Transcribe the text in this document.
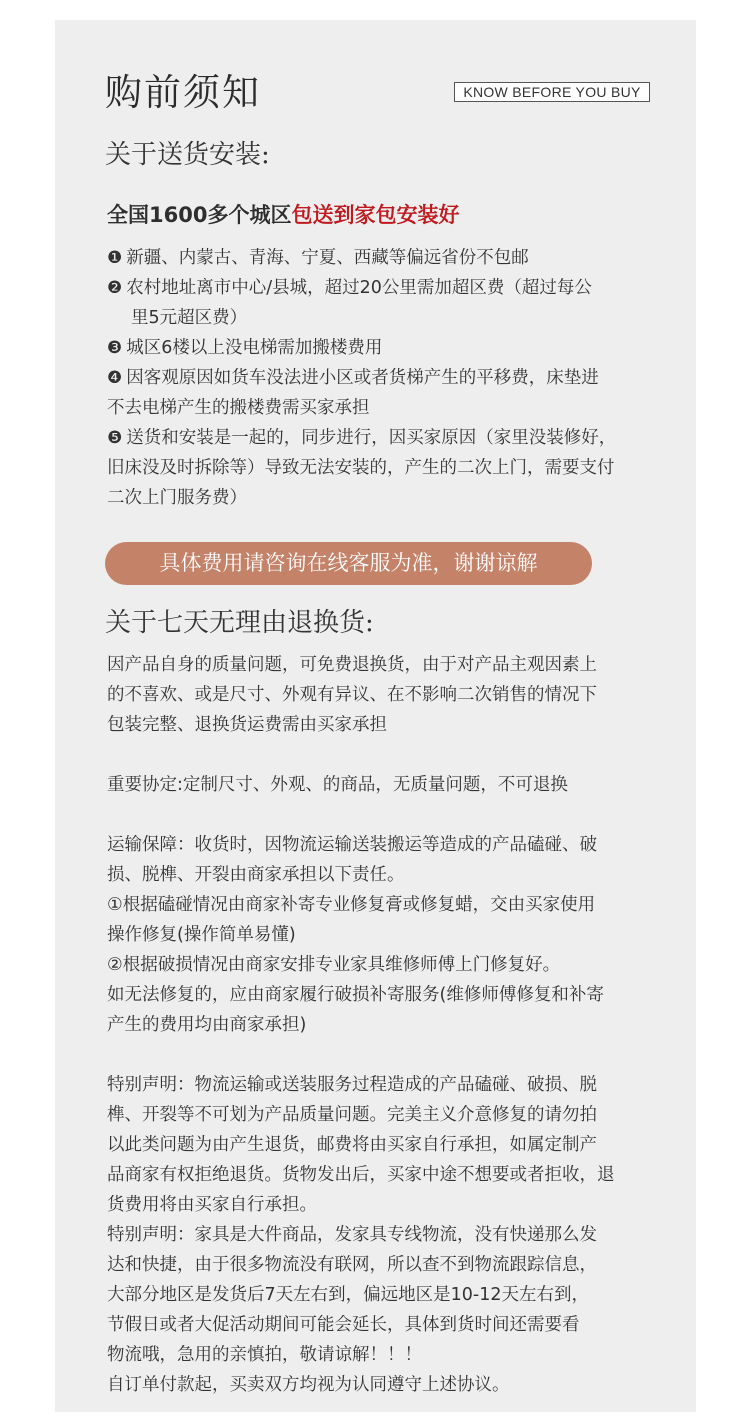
购前须知	KNOW BEFORE YOU BUY
关于送货安装:
全国1600多个城区包送到家包安装好
❶ 新疆、内蒙古、青海、宁夏、西藏等偏远省份不包邮
❷ 农村地址离市中心/县城，超过20公里需加超区费（超过每公
里5元超区费）
❸ 城区6楼以上没电梯需加搬楼费用
❹ 因客观原因如货车没法进小区或者货梯产生的平移费，床垫进
不去电梯产生的搬楼费需买家承担
❺ 送货和安装是一起的，同步进行，因买家原因（家里没装修好，
旧床没及时拆除等）导致无法安装的，产生的二次上门，需要支付
二次上门服务费）
具体费用请咨询在线客服为准，谢谢谅解
关于七天无理由退换货:

因产品自身的质量问题，可免费退换货，由于对产品主观因素上

的不喜欢、或是尺寸、外观有异议、在不影响二次销售的情况下

包装完整、退换货运费需由买家承担

重要协定:定制尺寸、外观、的商品，无质量问题，不可退换

运输保障：收货时，因物流运输送装搬运等造成的产品磕碰、破

损、脱榫、开裂由商家承担以下责任。

①根据磕碰情况由商家补寄专业修复膏或修复蜡，交由买家使用

操作修复(操作简单易懂)

②根据破损情况由商家安排专业家具维修师傅上门修复好。

如无法修复的，应由商家履行破损补寄服务(维修师傅修复和补寄

产生的费用均由商家承担)

特别声明：物流运输或送装服务过程造成的产品磕碰、破损、脱

榫、开裂等不可划为产品质量问题。完美主义介意修复的请勿拍

以此类问题为由产生退货，邮费将由买家自行承担，如属定制产

品商家有权拒绝退货。货物发出后，买家中途不想要或者拒收，退

货费用将由买家自行承担。

特别声明：家具是大件商品，发家具专线物流，没有快递那么发

达和快捷，由于很多物流没有联网，所以查不到物流跟踪信息，

大部分地区是发货后7天左右到，偏远地区是10-12天左右到，

节假日或者大促活动期间可能会延长，具体到货时间还需要看

物流哦，急用的亲慎拍，敬请谅解！！！

自订单付款起，买卖双方均视为认同遵守上述协议。
